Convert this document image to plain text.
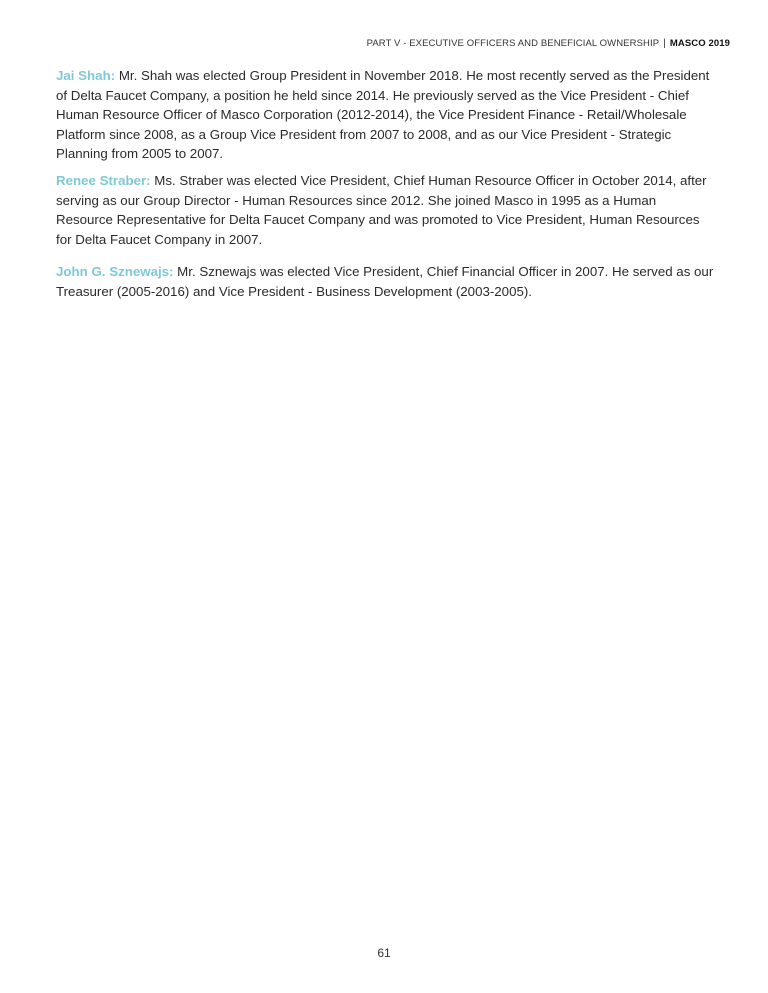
PART V - EXECUTIVE OFFICERS AND BENEFICIAL OWNERSHIP | MASCO 2019

Jai Shah: Mr. Shah was elected Group President in November 2018. He most recently served as the President of Delta Faucet Company, a position he held since 2014. He previously served as the Vice President - Chief Human Resource Officer of Masco Corporation (2012-2014), the Vice President Finance - Retail/Wholesale Platform since 2008, as a Group Vice President from 2007 to 2008, and as our Vice President - Strategic Planning from 2005 to 2007.

Renee Straber: Ms. Straber was elected Vice President, Chief Human Resource Officer in October 2014, after serving as our Group Director - Human Resources since 2012. She joined Masco in 1995 as a Human Resource Representative for Delta Faucet Company and was promoted to Vice President, Human Resources for Delta Faucet Company in 2007.

John G. Sznewajs: Mr. Sznewajs was elected Vice President, Chief Financial Officer in 2007. He served as our Treasurer (2005-2016) and Vice President - Business Development (2003-2005).

61
